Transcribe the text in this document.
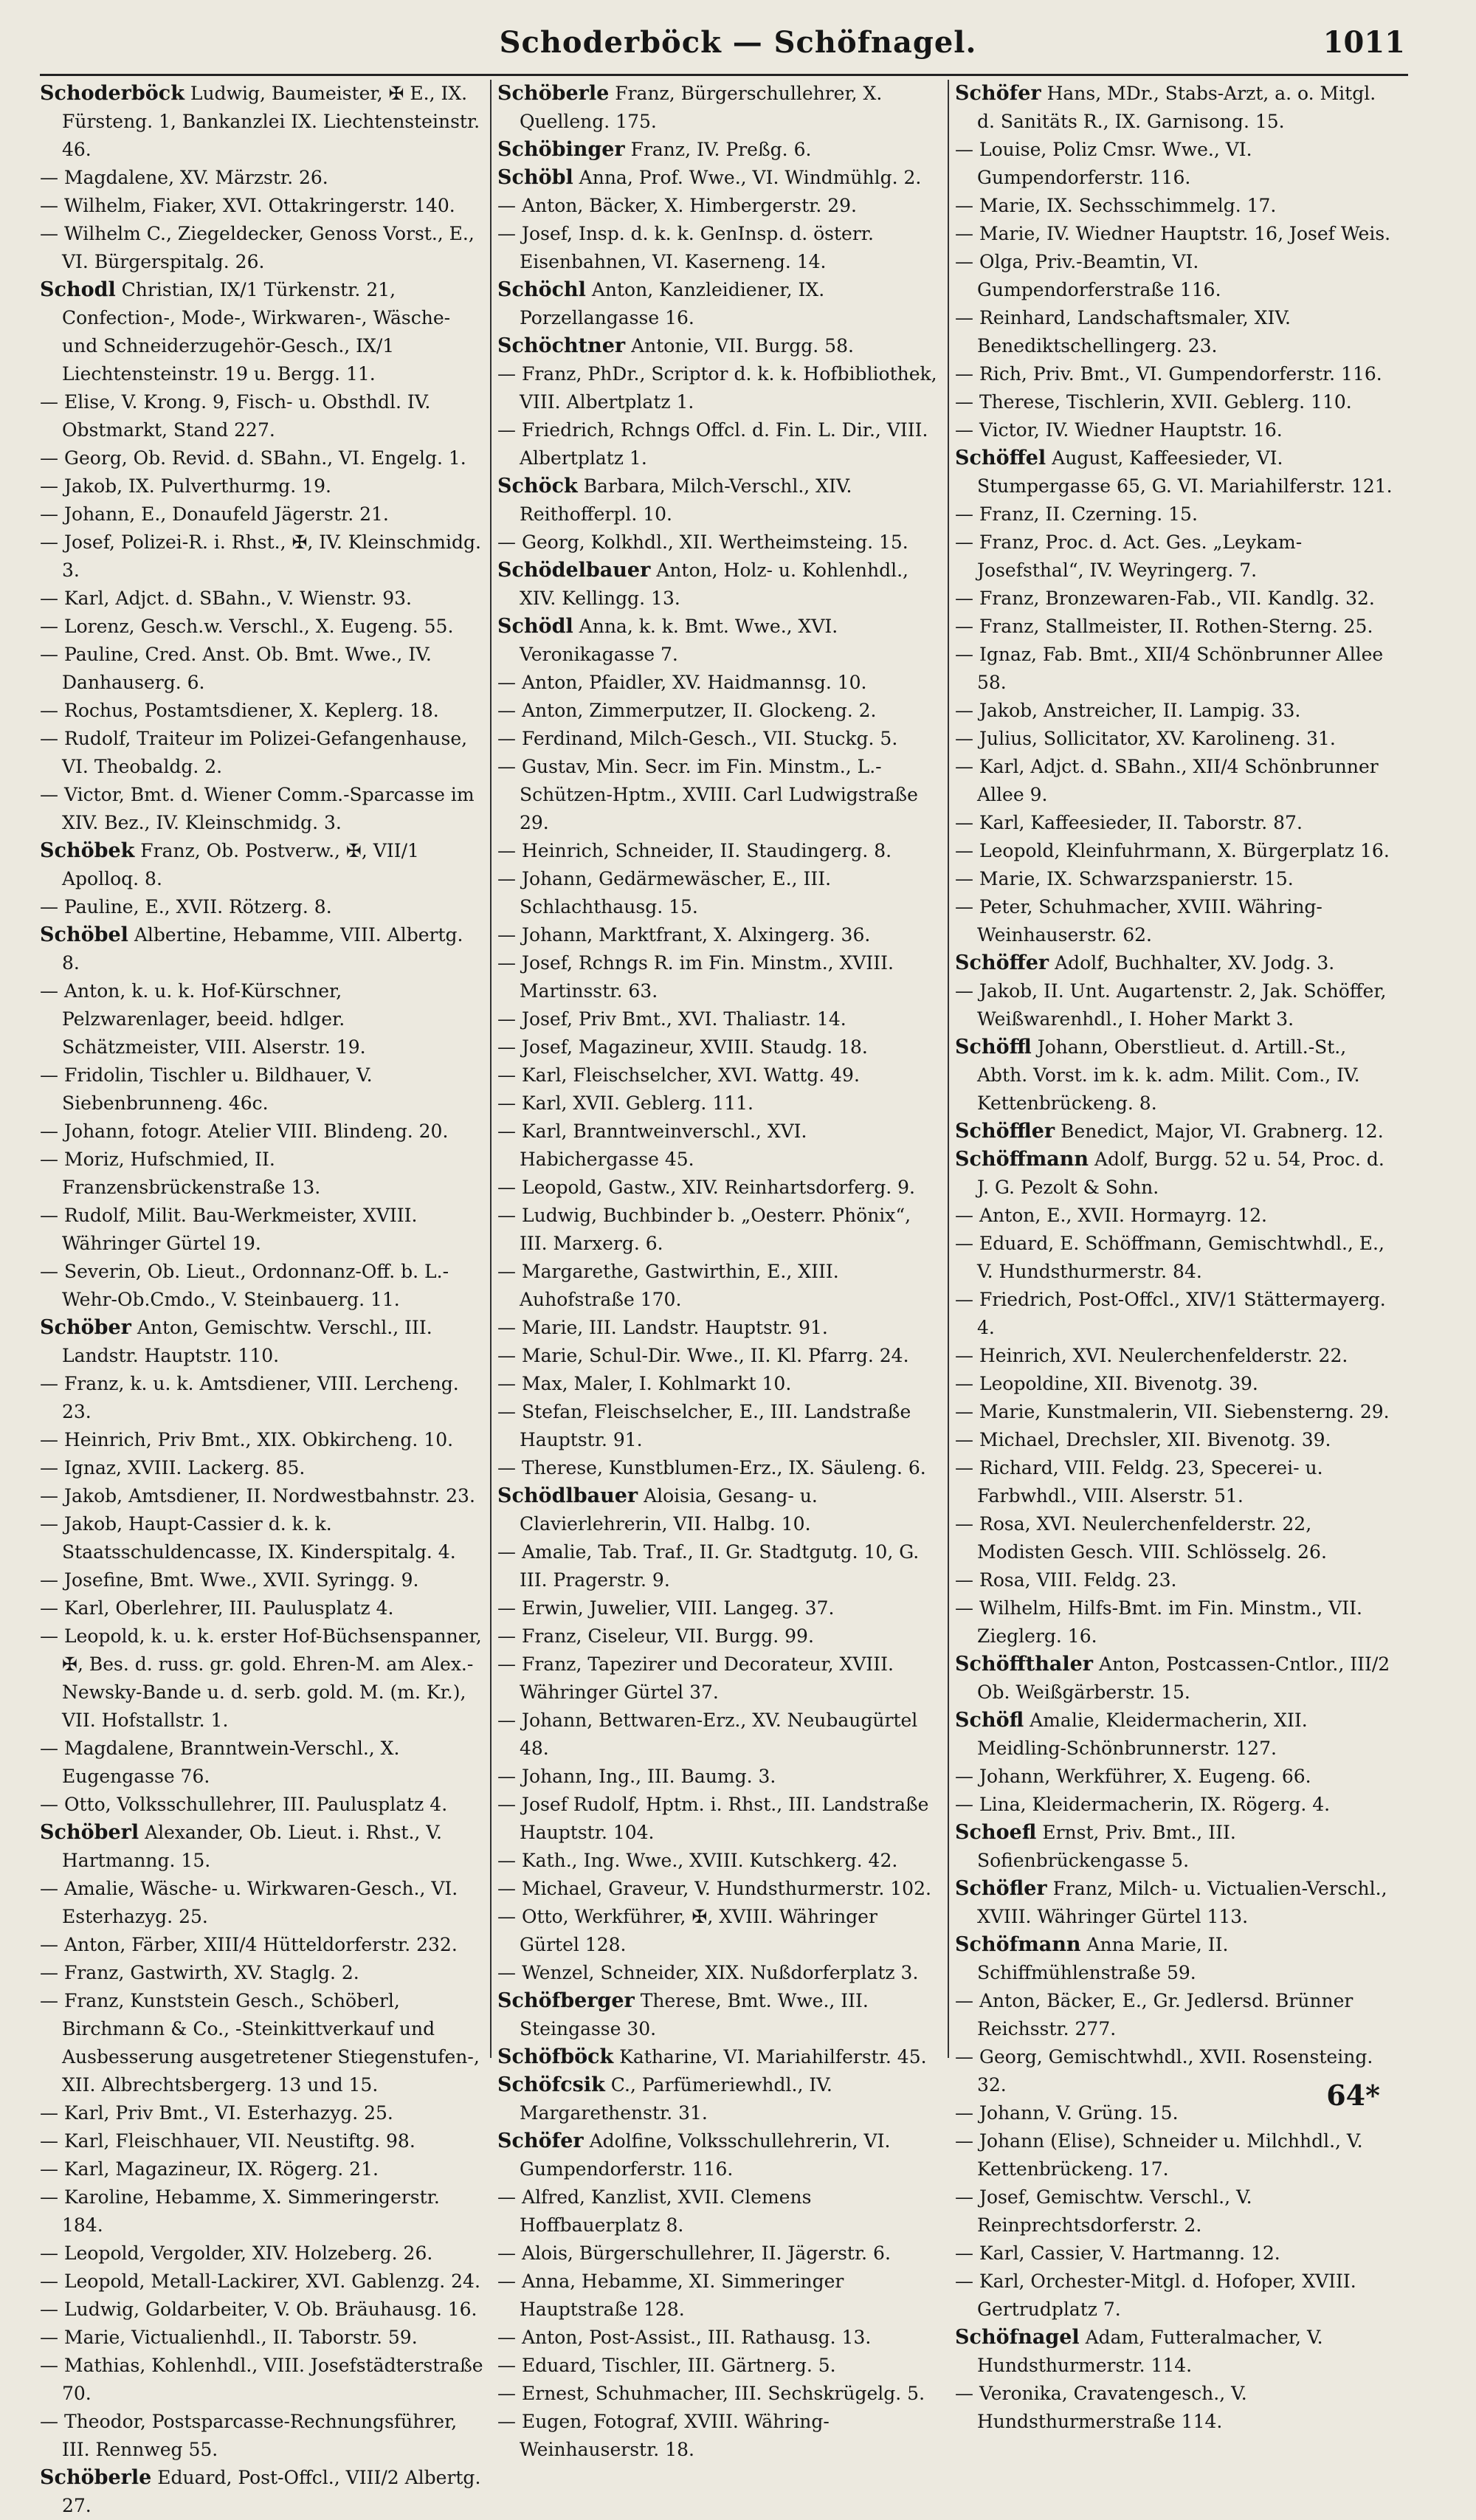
Schoderböck — Schöfnagel.	1011

Schoderböck Ludwig, Baumeister, ✠ E., IX. Fürsteng. 1, Bankanzlei IX. Liechtensteinstr. 46.

— Magdalene, XV. Märzstr. 26.

— Wilhelm, Fiaker, XVI. Ottakringerstr. 140.

— Wilhelm C., Ziegeldecker, Genoss Vorst., E., VI. Bürgerspitalg. 26.

Schodl Christian, IX/1 Türkenstr. 21, Confection-, Mode-, Wirkwaren-, Wäsche- und Schneiderzugehör-Gesch., IX/1 Liechtensteinstr. 19 u. Bergg. 11.

— Elise, V. Krong. 9, Fisch- u. Obsthdl. IV. Obstmarkt, Stand 227.

— Georg, Ob. Revid. d. SBahn., VI. Engelg. 1.

— Jakob, IX. Pulverthurmg. 19.

— Johann, E., Donaufeld Jägerstr. 21.

— Josef, Polizei-R. i. Rhst., ✠, IV. Kleinschmidg. 3.

— Karl, Adjct. d. SBahn., V. Wienstr. 93.

— Lorenz, Gesch.w. Verschl., X. Eugeng. 55.

— Pauline, Cred. Anst. Ob. Bmt. Wwe., IV. Danhauserg. 6.

— Rochus, Postamtsdiener, X. Keplerg. 18.

— Rudolf, Traiteur im Polizei-Gefangenhause, VI. Theobaldg. 2.

— Victor, Bmt. d. Wiener Comm.-Sparcasse im XIV. Bez., IV. Kleinschmidg. 3.

Schöbek Franz, Ob. Postverw., ✠, VII/1 Apolloq. 8.

— Pauline, E., XVII. Rötzerg. 8.

Schöbel Albertine, Hebamme, VIII. Albertg. 8.

— Anton, k. u. k. Hof-Kürschner, Pelzwarenlager, beeid. hdlger. Schätzmeister, VIII. Alserstr. 19.

— Fridolin, Tischler u. Bildhauer, V. Siebenbrunneng. 46c.

— Johann, fotogr. Atelier VIII. Blindeng. 20.

— Moriz, Hufschmied, II. Franzensbrückenstraße 13.

— Rudolf, Milit. Bau-Werkmeister, XVIII. Währinger Gürtel 19.

— Severin, Ob. Lieut., Ordonnanz-Off. b. L.-Wehr-Ob.Cmdo., V. Steinbauerg. 11.

Schöber Anton, Gemischtw. Verschl., III. Landstr. Hauptstr. 110.

— Franz, k. u. k. Amtsdiener, VIII. Lercheng. 23.

— Heinrich, Priv Bmt., XIX. Obkircheng. 10.

— Ignaz, XVIII. Lackerg. 85.

— Jakob, Amtsdiener, II. Nordwestbahnstr. 23.

— Jakob, Haupt-Cassier d. k. k. Staatsschuldencasse, IX. Kinderspitalg. 4.

— Josefine, Bmt. Wwe., XVII. Syringg. 9.

— Karl, Oberlehrer, III. Paulusplatz 4.

— Leopold, k. u. k. erster Hof-Büchsenspanner, ✠, Bes. d. russ. gr. gold. Ehren-M. am Alex.-Newsky-Bande u. d. serb. gold. M. (m. Kr.), VII. Hofstallstr. 1.

— Magdalene, Branntwein-Verschl., X. Eugengasse 76.

— Otto, Volksschullehrer, III. Paulusplatz 4.

Schöberl Alexander, Ob. Lieut. i. Rhst., V. Hartmanng. 15.

— Amalie, Wäsche- u. Wirkwaren-Gesch., VI. Esterhazyg. 25.

— Anton, Färber, XIII/4 Hütteldorferstr. 232.

— Franz, Gastwirth, XV. Staglg. 2.

— Franz, Kunststein Gesch., Schöberl, Birchmann & Co., -Steinkittverkauf und Ausbesserung ausgetretener Stiegenstufen-, XII. Albrechtsbergerg. 13 und 15.

— Karl, Priv Bmt., VI. Esterhazyg. 25.

— Karl, Fleischhauer, VII. Neustiftg. 98.

— Karl, Magazineur, IX. Rögerg. 21.

— Karoline, Hebamme, X. Simmeringerstr. 184.

— Leopold, Vergolder, XIV. Holzeberg. 26.

— Leopold, Metall-Lackirer, XVI. Gablenzg. 24.

— Ludwig, Goldarbeiter, V. Ob. Bräuhausg. 16.

— Marie, Victualienhdl., II. Taborstr. 59.

— Mathias, Kohlenhdl., VIII. Josefstädterstraße 70.

— Theodor, Postsparcasse-Rechnungsführer, III. Rennweg 55.

Schöberle Eduard, Post-Offcl., VIII/2 Albertg. 27.

Schöberle Franz, Bürgerschullehrer, X. Quelleng. 175.

Schöbinger Franz, IV. Preßg. 6.

Schöbl Anna, Prof. Wwe., VI. Windmühlg. 2.

— Anton, Bäcker, X. Himbergerstr. 29.

— Josef, Insp. d. k. k. GenInsp. d. österr. Eisenbahnen, VI. Kaserneng. 14.

Schöchl Anton, Kanzleidiener, IX. Porzellangasse 16.

Schöchtner Antonie, VII. Burgg. 58.

— Franz, PhDr., Scriptor d. k. k. Hofbibliothek, VIII. Albertplatz 1.

— Friedrich, Rchngs Offcl. d. Fin. L. Dir., VIII. Albertplatz 1.

Schöck Barbara, Milch-Verschl., XIV. Reithofferpl. 10.

— Georg, Kolkhdl., XII. Wertheimsteing. 15.

Schödelbauer Anton, Holz- u. Kohlenhdl., XIV. Kellingg. 13.

Schödl Anna, k. k. Bmt. Wwe., XVI. Veronikagasse 7.

— Anton, Pfaidler, XV. Haidmannsg. 10.

— Anton, Zimmerputzer, II. Glockeng. 2.

— Ferdinand, Milch-Gesch., VII. Stuckg. 5.

— Gustav, Min. Secr. im Fin. Minstm., L.-Schützen-Hptm., XVIII. Carl Ludwigstraße 29.

— Heinrich, Schneider, II. Staudingerg. 8.

— Johann, Gedärmewäscher, E., III. Schlachthausg. 15.

— Johann, Marktfrant, X. Alxingerg. 36.

— Josef, Rchngs R. im Fin. Minstm., XVIII. Martinsstr. 63.

— Josef, Priv Bmt., XVI. Thaliastr. 14.

— Josef, Magazineur, XVIII. Staudg. 18.

— Karl, Fleischselcher, XVI. Wattg. 49.

— Karl, XVII. Geblerg. 111.

— Karl, Branntweinverschl., XVI. Habichergasse 45.

— Leopold, Gastw., XIV. Reinhartsdorferg. 9.

— Ludwig, Buchbinder b. „Oesterr. Phönix“, III. Marxerg. 6.

— Margarethe, Gastwirthin, E., XIII. Auhofstraße 170.

— Marie, III. Landstr. Hauptstr. 91.

— Marie, Schul-Dir. Wwe., II. Kl. Pfarrg. 24.

— Max, Maler, I. Kohlmarkt 10.

— Stefan, Fleischselcher, E., III. Landstraße Hauptstr. 91.

— Therese, Kunstblumen-Erz., IX. Säuleng. 6.

Schödlbauer Aloisia, Gesang- u. Clavierlehrerin, VII. Halbg. 10.

— Amalie, Tab. Traf., II. Gr. Stadtgutg. 10, G. III. Pragerstr. 9.

— Erwin, Juwelier, VIII. Langeg. 37.

— Franz, Ciseleur, VII. Burgg. 99.

— Franz, Tapezirer und Decorateur, XVIII. Währinger Gürtel 37.

— Johann, Bettwaren-Erz., XV. Neubaugürtel 48.

— Johann, Ing., III. Baumg. 3.

— Josef Rudolf, Hptm. i. Rhst., III. Landstraße Hauptstr. 104.

— Kath., Ing. Wwe., XVIII. Kutschkerg. 42.

— Michael, Graveur, V. Hundsthurmerstr. 102.

— Otto, Werkführer, ✠, XVIII. Währinger Gürtel 128.

— Wenzel, Schneider, XIX. Nußdorferplatz 3.

Schöfberger Therese, Bmt. Wwe., III. Steingasse 30.

Schöfböck Katharine, VI. Mariahilferstr. 45.

Schöfcsik C., Parfümeriewhdl., IV. Margarethenstr. 31.

Schöfer Adolfine, Volksschullehrerin, VI. Gumpendorferstr. 116.

— Alfred, Kanzlist, XVII. Clemens Hoffbauerplatz 8.

— Alois, Bürgerschullehrer, II. Jägerstr. 6.

— Anna, Hebamme, XI. Simmeringer Hauptstraße 128.

— Anton, Post-Assist., III. Rathausg. 13.

— Eduard, Tischler, III. Gärtnerg. 5.

— Ernest, Schuhmacher, III. Sechskrügelg. 5.

— Eugen, Fotograf, XVIII. Währing-Weinhauserstr. 18.

Schöfer Hans, MDr., Stabs-Arzt, a. o. Mitgl. d. Sanitäts R., IX. Garnisong. 15.

— Louise, Poliz Cmsr. Wwe., VI. Gumpendorferstr. 116.

— Marie, IX. Sechsschimmelg. 17.

— Marie, IV. Wiedner Hauptstr. 16, Josef Weis.

— Olga, Priv.-Beamtin, VI. Gumpendorferstraße 116.

— Reinhard, Landschaftsmaler, XIV. Benediktschellingerg. 23.

— Rich, Priv. Bmt., VI. Gumpendorferstr. 116.

— Therese, Tischlerin, XVII. Geblerg. 110.

— Victor, IV. Wiedner Hauptstr. 16.

Schöffel August, Kaffeesieder, VI. Stumpergasse 65, G. VI. Mariahilferstr. 121.

— Franz, II. Czerning. 15.

— Franz, Proc. d. Act. Ges. „Leykam-Josefsthal“, IV. Weyringerg. 7.

— Franz, Bronzewaren-Fab., VII. Kandlg. 32.

— Franz, Stallmeister, II. Rothen-Sterng. 25.

— Ignaz, Fab. Bmt., XII/4 Schönbrunner Allee 58.

— Jakob, Anstreicher, II. Lampig. 33.

— Julius, Sollicitator, XV. Karolineng. 31.

— Karl, Adjct. d. SBahn., XII/4 Schönbrunner Allee 9.

— Karl, Kaffeesieder, II. Taborstr. 87.

— Leopold, Kleinfuhrmann, X. Bürgerplatz 16.

— Marie, IX. Schwarzspanierstr. 15.

— Peter, Schuhmacher, XVIII. Währing-Weinhauserstr. 62.

Schöffer Adolf, Buchhalter, XV. Jodg. 3.

— Jakob, II. Unt. Augartenstr. 2, Jak. Schöffer, Weißwarenhdl., I. Hoher Markt 3.

Schöffl Johann, Oberstlieut. d. Artill.-St., Abth. Vorst. im k. k. adm. Milit. Com., IV. Kettenbrückeng. 8.

Schöffler Benedict, Major, VI. Grabnerg. 12.

Schöffmann Adolf, Burgg. 52 u. 54, Proc. d. J. G. Pezolt & Sohn.

— Anton, E., XVII. Hormayrg. 12.

— Eduard, E. Schöffmann, Gemischtwhdl., E., V. Hundsthurmerstr. 84.

— Friedrich, Post-Offcl., XIV/1 Stättermayerg. 4.

— Heinrich, XVI. Neulerchenfelderstr. 22.

— Leopoldine, XII. Bivenotg. 39.

— Marie, Kunstmalerin, VII. Siebensterng. 29.

— Michael, Drechsler, XII. Bivenotg. 39.

— Richard, VIII. Feldg. 23, Specerei- u. Farbwhdl., VIII. Alserstr. 51.

— Rosa, XVI. Neulerchenfelderstr. 22, Modisten Gesch. VIII. Schlösselg. 26.

— Rosa, VIII. Feldg. 23.

— Wilhelm, Hilfs-Bmt. im Fin. Minstm., VII. Zieglerg. 16.

Schöffthaler Anton, Postcassen-Cntlor., III/2 Ob. Weißgärberstr. 15.

Schöfl Amalie, Kleidermacherin, XII. Meidling-Schönbrunnerstr. 127.

— Johann, Werkführer, X. Eugeng. 66.

— Lina, Kleidermacherin, IX. Rögerg. 4.

Schoefl Ernst, Priv. Bmt., III. Sofienbrückengasse 5.

Schöfler Franz, Milch- u. Victualien-Verschl., XVIII. Währinger Gürtel 113.

Schöfmann Anna Marie, II. Schiffmühlenstraße 59.

— Anton, Bäcker, E., Gr. Jedlersd. Brünner Reichsstr. 277.

— Georg, Gemischtwhdl., XVII. Rosensteing. 32.

— Johann, V. Grüng. 15.

— Johann (Elise), Schneider u. Milchhdl., V. Kettenbrückeng. 17.

— Josef, Gemischtw. Verschl., V. Reinprechtsdorferstr. 2.

— Karl, Cassier, V. Hartmanng. 12.

— Karl, Orchester-Mitgl. d. Hofoper, XVIII. Gertrudplatz 7.

Schöfnagel Adam, Futteralmacher, V. Hundsthurmerstr. 114.

— Veronika, Cravatengesch., V. Hundsthurmerstraße 114.

64*
